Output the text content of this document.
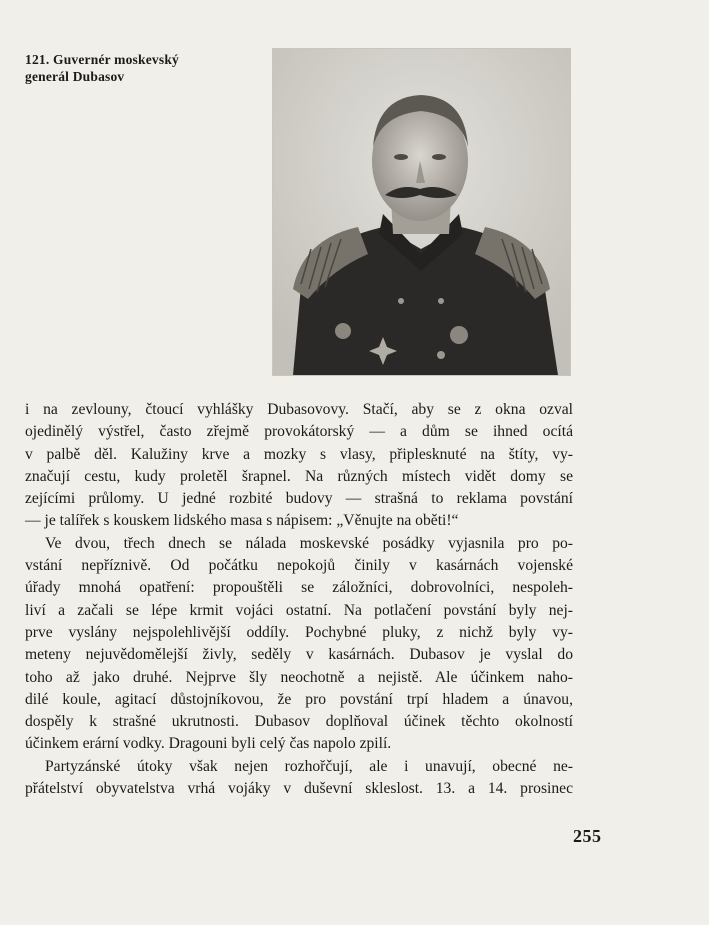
121. Guvernér moskevský
generál Dubasov
i na zevlouny, čtoucí vyhlášky Dubasovovy. Stačí, aby se z okna ozval
ojedinělý výstřel, často zřejmě provokátorský — a dům se ihned ocítá
v palbě děl. Kalužiny krve a mozky s vlasy, připlesknuté na štíty, vy-
značují cestu, kudy proletěl šrapnel. Na různých místech vidět domy se
zejícími průlomy. U jedné rozbité budovy — strašná to reklama povstání
— je talířek s kouskem lidského masa s nápisem: „Věnujte na oběti!“
Ve dvou, třech dnech se nálada moskevské posádky vyjasnila pro po-
vstání nepříznivě. Od počátku nepokojů činily v kasárnách vojenské
úřady mnohá opatření: propouštěli se záložníci, dobrovolníci, nespoleh-
liví a začali se lépe krmit vojáci ostatní. Na potlačení povstání byly nej-
prve vyslány nejspolehlivější oddíly. Pochybné pluky, z nichž byly vy-
meteny nejuvědomělejší živly, seděly v kasárnách. Dubasov je vyslal do
toho až jako druhé. Nejprve šly neochotně a nejistě. Ale účinkem naho-
dilé koule, agitací důstojníkovou, že pro povstání trpí hladem a únavou,
dospěly k strašné ukrutnosti. Dubasov doplňoval účinek těchto okolností
účinkem erární vodky. Dragouni byli celý čas napolo zpilí.
Partyzánské útoky však nejen rozhořčují, ale i unavují, obecné ne-
přátelství obyvatelstva vrhá vojáky v duševní skleslost. 13. a 14. prosinec
255
